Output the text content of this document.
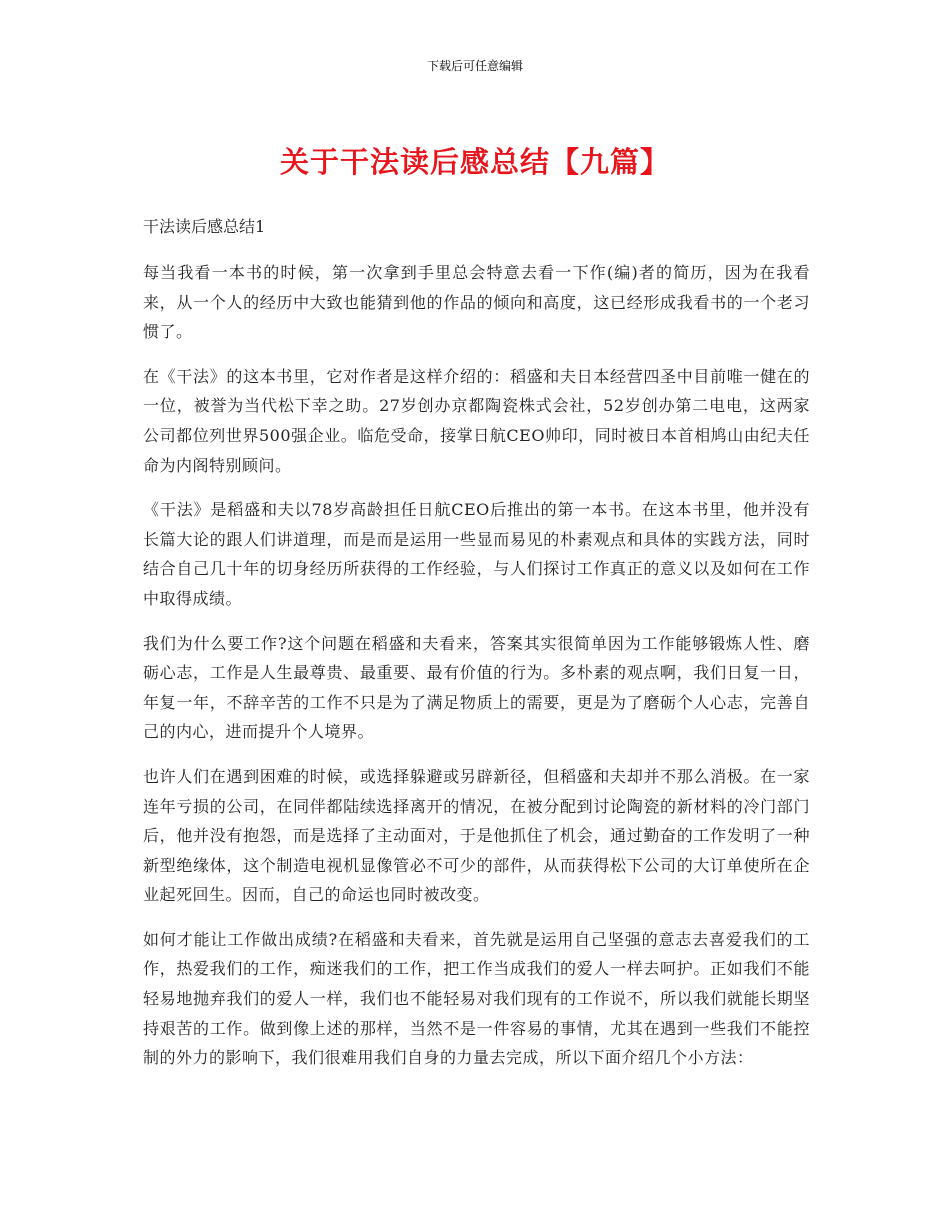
下载后可任意编辑
关于干法读后感总结【九篇】
干法读后感总结1

每当我看一本书的时候，第一次拿到手里总会特意去看一下作(编)者的简历，因为在我看来，从一个人的经历中大致也能猜到他的作品的倾向和高度，这已经形成我看书的一个老习惯了。

在《干法》的这本书里，它对作者是这样介绍的：稻盛和夫日本经营四圣中目前唯一健在的一位，被誉为当代松下幸之助。27岁创办京都陶瓷株式会社，52岁创办第二电电，这两家公司都位列世界500强企业。临危受命，接掌日航CEO帅印，同时被日本首相鸠山由纪夫任命为内阁特别顾问。

《干法》是稻盛和夫以78岁高龄担任日航CEO后推出的第一本书。在这本书里，他并没有长篇大论的跟人们讲道理，而是而是运用一些显而易见的朴素观点和具体的实践方法，同时结合自己几十年的切身经历所获得的工作经验，与人们探讨工作真正的意义以及如何在工作中取得成绩。

我们为什么要工作?这个问题在稻盛和夫看来，答案其实很简单因为工作能够锻炼人性、磨砺心志，工作是人生最尊贵、最重要、最有价值的行为。多朴素的观点啊，我们日复一日，年复一年，不辞辛苦的工作不只是为了满足物质上的需要，更是为了磨砺个人心志，完善自己的内心，进而提升个人境界。

也许人们在遇到困难的时候，或选择躲避或另辟新径，但稻盛和夫却并不那么消极。在一家连年亏损的公司，在同伴都陆续选择离开的情况，在被分配到讨论陶瓷的新材料的冷门部门后，他并没有抱怨，而是选择了主动面对，于是他抓住了机会，通过勤奋的工作发明了一种新型绝缘体，这个制造电视机显像管必不可少的部件，从而获得松下公司的大订单使所在企业起死回生。因而，自己的命运也同时被改变。

如何才能让工作做出成绩?在稻盛和夫看来，首先就是运用自己坚强的意志去喜爱我们的工作，热爱我们的工作，痴迷我们的工作，把工作当成我们的爱人一样去呵护。正如我们不能轻易地抛弃我们的爱人一样，我们也不能轻易对我们现有的工作说不，所以我们就能长期坚持艰苦的工作。做到像上述的那样，当然不是一件容易的事情，尤其在遇到一些我们不能控制的外力的影响下，我们很难用我们自身的力量去完成，所以下面介绍几个小方法：
